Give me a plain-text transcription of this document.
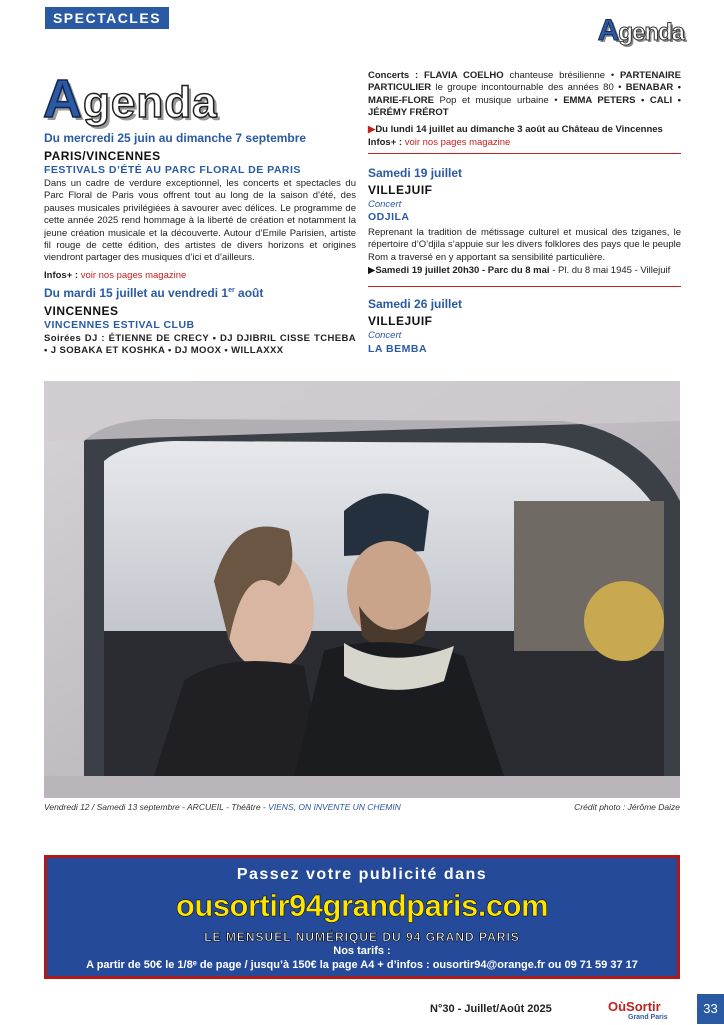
SPECTACLES	Agenda
Agenda
Du mercredi 25 juin au dimanche 7 septembre
PARIS/VINCENNES
FESTIVALS D’ÉTÉ AU PARC FLORAL DE PARIS
Dans un cadre de verdure exceptionnel, les concerts et spectacles du Parc Floral de Paris vous offrent tout au long de la saison d’été, des pauses musicales privilégiées à savourer avec délices. Le programme de cette année 2025 rend hommage à la liberté de création et notamment la jeune création musicale et la découverte. Autour d’Emile Parisien, artiste fil rouge de cette édition, des artistes de divers horizons et origines viendront partager des musiques d’ici et d’ailleurs.
Infos+ : voir nos pages magazine
Du mardi 15 juillet au vendredi 1er août
VINCENNES
VINCENNES ESTIVAL CLUB
Soirées DJ : ÉTIENNE DE CRECY • DJ DJIBRIL CISSE TCHEBA • J SOBAKA ET KOSHKA • DJ MOOX • WILLAXXX
Concerts : FLAVIA COELHO chanteuse brésilienne • PARTENAIRE PARTICULIER le groupe incontournable des années 80 • BENABAR • MARIE-FLORE Pop et musique urbaine • EMMA PETERS • CALI • JÉRÉMY FRÉROT
▶Du lundi 14 juillet au dimanche 3 août au Château de Vincennes
Infos+ : voir nos pages magazine
Samedi 19 juillet
VILLEJUIF
Concert
ODJILA
Reprenant la tradition de métissage culturel et musical des tziganes, le répertoire d’O’djila s’appuie sur les divers folklores des pays que le peuple Rom a traversé en y apportant sa sensibilité particulière.
▶Samedi 19 juillet 20h30 - Parc du 8 mai - Pl. du 8 mai 1945 - Villejuif
Samedi 26 juillet
VILLEJUIF
Concert
LA BEMBA
Vendredi 12 / Samedi 13 septembre - ARCUEIL - Théâtre - VIENS, ON INVENTE UN CHEMIN	Crédit photo : Jérôme Daize
Passez votre publicité dans
ousortir94grandparis.com
LE MENSUEL NUMÉRIQUE DU 94 GRAND PARIS
Nos tarifs :
A partir de 50€ le 1/8ᵉ de page / jusqu’à 150€ la page A4 + d’infos : ousortir94@orange.fr ou 09 71 59 37 17
N°30 - Juillet/Août 2025	OùSortir
Grand Paris
33
